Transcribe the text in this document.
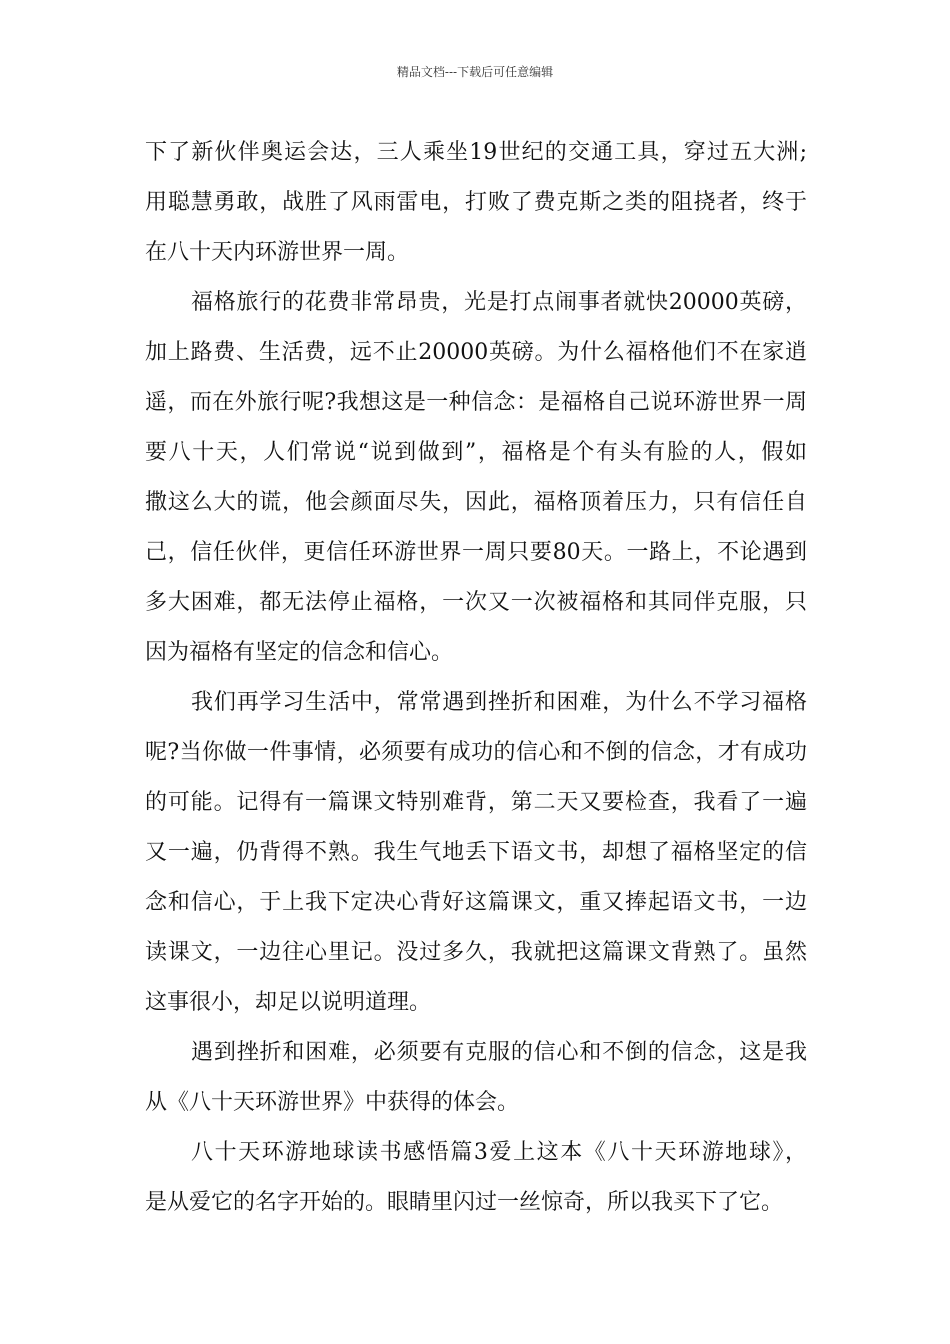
精品文档---下载后可任意编辑
下了新伙伴奥运会达，三人乘坐19世纪的交通工具，穿过五大洲;
用聪慧勇敢，战胜了风雨雷电，打败了费克斯之类的阻挠者，终于
在八十天内环游世界一周。
福格旅行的花费非常昂贵，光是打点闹事者就快20000英磅，
加上路费、生活费，远不止20000英磅。为什么福格他们不在家逍
遥，而在外旅行呢?我想这是一种信念：是福格自己说环游世界一周
要八十天，人们常说“说到做到”，福格是个有头有脸的人，假如
撒这么大的谎，他会颜面尽失，因此，福格顶着压力，只有信任自
己，信任伙伴，更信任环游世界一周只要80天。一路上，不论遇到
多大困难，都无法停止福格，一次又一次被福格和其同伴克服，只
因为福格有坚定的信念和信心。
我们再学习生活中，常常遇到挫折和困难，为什么不学习福格
呢?当你做一件事情，必须要有成功的信心和不倒的信念，才有成功
的可能。记得有一篇课文特别难背，第二天又要检查，我看了一遍
又一遍，仍背得不熟。我生气地丢下语文书，却想了福格坚定的信
念和信心，于上我下定决心背好这篇课文，重又捧起语文书，一边
读课文，一边往心里记。没过多久，我就把这篇课文背熟了。虽然
这事很小，却足以说明道理。
遇到挫折和困难，必须要有克服的信心和不倒的信念，这是我
从《八十天环游世界》中获得的体会。
八十天环游地球读书感悟篇3爱上这本《八十天环游地球》，
是从爱它的名字开始的。眼睛里闪过一丝惊奇，所以我买下了它。
